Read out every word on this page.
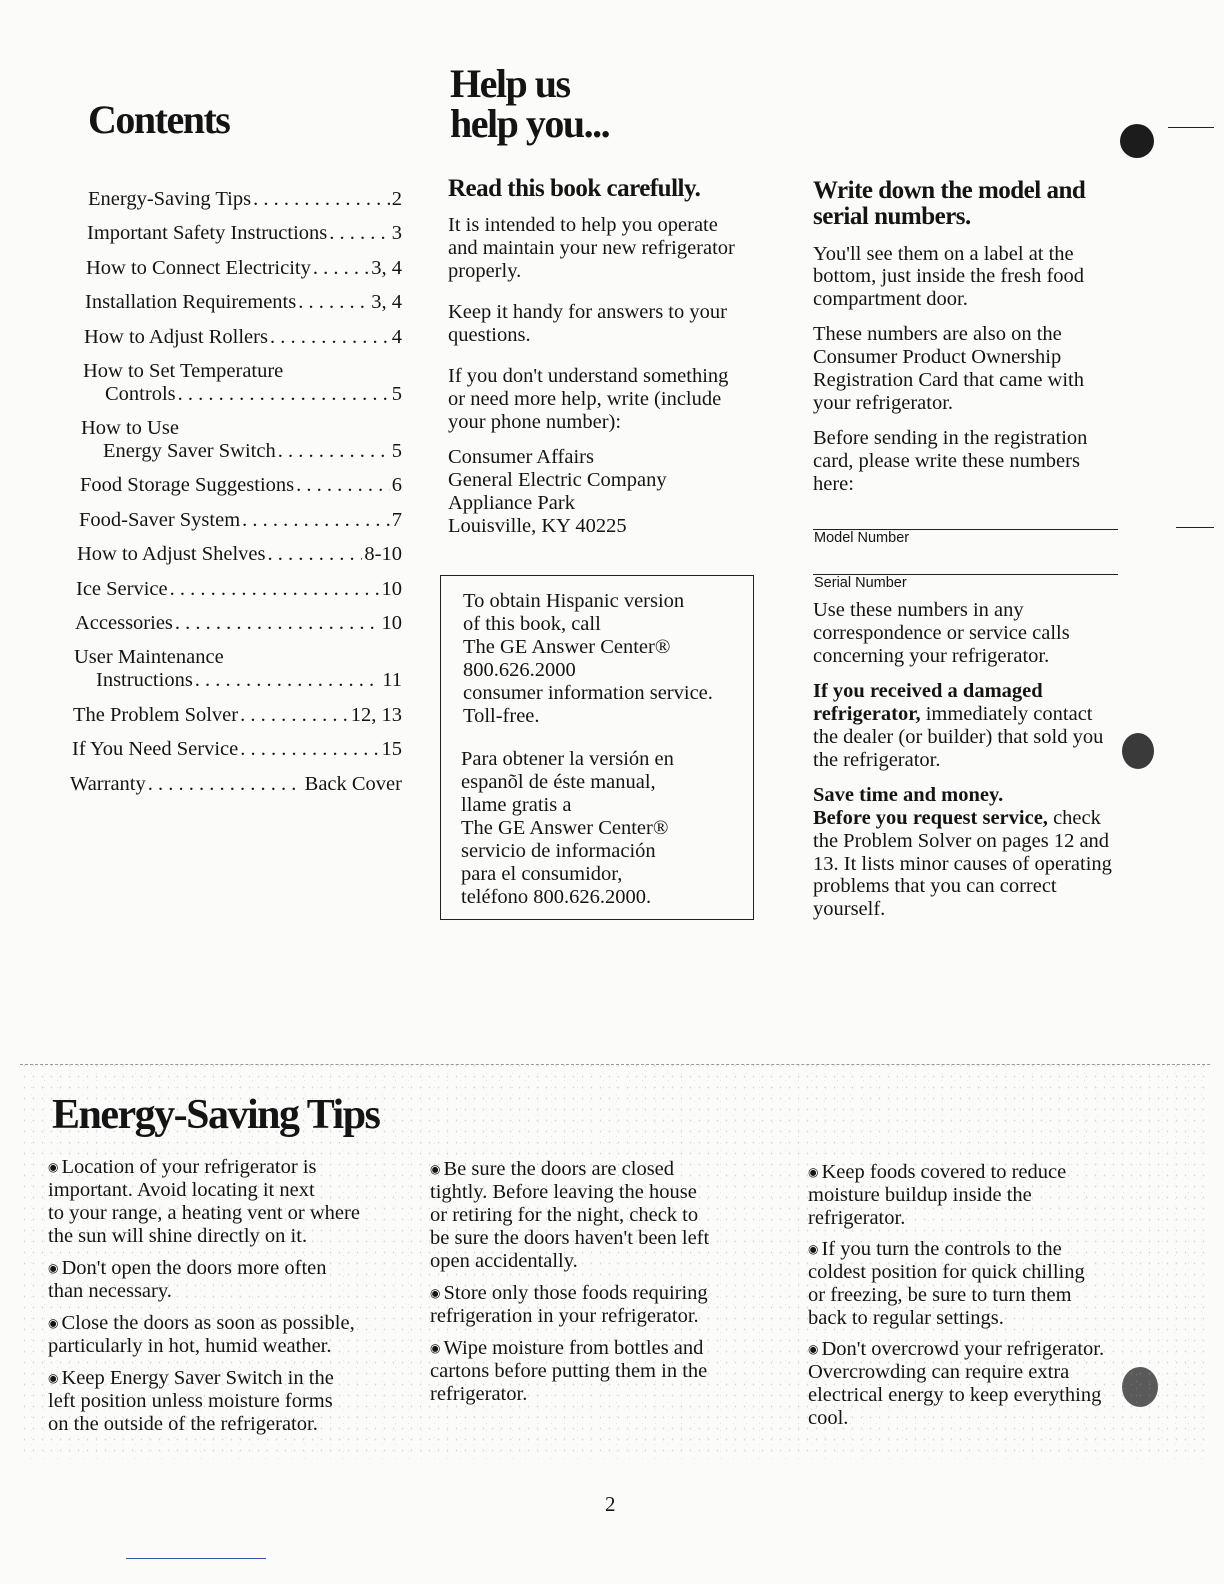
Contents
Energy-Saving Tips . . .	2
Important Safety Instructions . . .	3
How to Connect Electricity . . .	3, 4
Installation Requirements . . .	3, 4
How to Adjust Rollers . . .	4
How to Set Temperature
Controls . . .	5
How to Use
Energy Saver Switch . . .	5
Food Storage Suggestions . . .	6
Food-Saver System . . .	7
How to Adjust Shelves . . .	8-10
Ice Service . . .	10
Accessories . . .	10
User Maintenance
Instructions . . .	11
The Problem Solver . . .	12, 13
If You Need Service . . .	15
Warranty . . .	Back Cover
Help us
help you...
Read this book carefully.
It is intended to help you operate
and maintain your new refrigerator
properly.
Keep it handy for answers to your
questions.
If you don't understand something
or need more help, write (include
your phone number):
Consumer Affairs
General Electric Company
Appliance Park
Louisville, KY 40225
To obtain Hispanic version
of this book, call
The GE Answer Center®
800.626.2000
consumer information service.
Toll-free.
Para obtener la versión en
espanõl de éste manual,
llame gratis a
The GE Answer Center®
servicio de información
para el consumidor,
teléfono 800.626.2000.
Write down the model and
serial numbers.
You'll see them on a label at the
bottom, just inside the fresh food
compartment door.
These numbers are also on the
Consumer Product Ownership
Registration Card that came with
your refrigerator.
Before sending in the registration
card, please write these numbers
here:
Model Number
Serial Number
Use these numbers in any
correspondence or service calls
concerning your refrigerator.
If you received a damaged
refrigerator, immediately contact
the dealer (or builder) that sold you
the refrigerator.
Save time and money.
Before you request service, check
the Problem Solver on pages 12 and
13. It lists minor causes of operating
problems that you can correct
yourself.
Energy-Saving Tips
◉ Location of your refrigerator is
important. Avoid locating it next
to your range, a heating vent or where
the sun will shine directly on it.
◉ Don't open the doors more often
than necessary.
◉ Close the doors as soon as possible,
particularly in hot, humid weather.
◉ Keep Energy Saver Switch in the
left position unless moisture forms
on the outside of the refrigerator.
◉ Be sure the doors are closed
tightly. Before leaving the house
or retiring for the night, check to
be sure the doors haven't been left
open accidentally.
◉ Store only those foods requiring
refrigeration in your refrigerator.
◉ Wipe moisture from bottles and
cartons before putting them in the
refrigerator.
◉ Keep foods covered to reduce
moisture buildup inside the
refrigerator.
◉ If you turn the controls to the
coldest position for quick chilling
or freezing, be sure to turn them
back to regular settings.
◉ Don't overcrowd your refrigerator.
Overcrowding can require extra
electrical energy to keep everything
cool.
2
